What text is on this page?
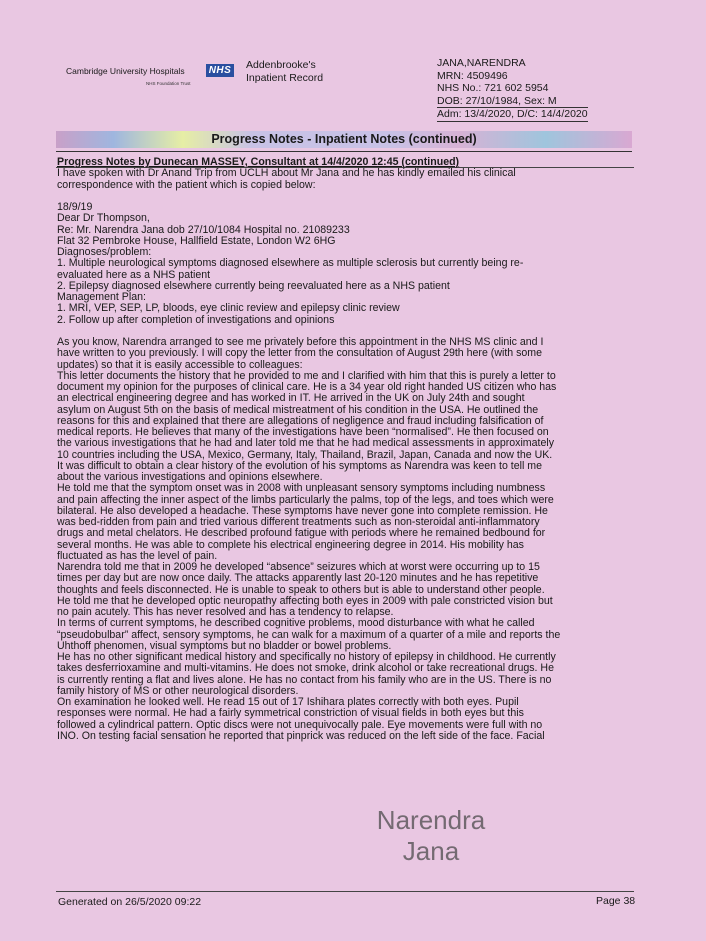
Cambridge University Hospitals NHS
NHS Foundation Trust
Addenbrooke's
Inpatient Record
JANA,NARENDRA
MRN: 4509496
NHS No.: 721 602 5954
DOB: 27/10/1984, Sex: M
Adm: 13/4/2020, D/C: 14/4/2020
Progress Notes - Inpatient Notes (continued)
Progress Notes by Dunecan MASSEY, Consultant at 14/4/2020 12:45 (continued)
I have spoken with Dr Anand Trip from UCLH about Mr Jana and he has kindly emailed his clinical
correspondence with the patient which is copied below:
18/9/19
Dear Dr Thompson,
Re: Mr. Narendra Jana dob 27/10/1084 Hospital no. 21089233
Flat 32 Pembroke House, Hallfield Estate, London W2 6HG
Diagnoses/problem:
1. Multiple neurological symptoms diagnosed elsewhere as multiple sclerosis but currently being re-
evaluated here as a NHS patient
2. Epilepsy diagnosed elsewhere currently being reevaluated here as a NHS patient
Management Plan:
1. MRI, VEP, SEP, LP, bloods, eye clinic review and epilepsy clinic review
2. Follow up after completion of investigations and opinions
As you know, Narendra arranged to see me privately before this appointment in the NHS MS clinic and I
have written to you previously. I will copy the letter from the consultation of August 29th here (with some
updates) so that it is easily accessible to colleagues:
This letter documents the history that he provided to me and I clarified with him that this is purely a letter to
document my opinion for the purposes of clinical care. He is a 34 year old right handed US citizen who has
an electrical engineering degree and has worked in IT. He arrived in the UK on July 24th and sought
asylum on August 5th on the basis of medical mistreatment of his condition in the USA. He outlined the
reasons for this and explained that there are allegations of negligence and fraud including falsification of
medical reports. He believes that many of the investigations have been “normalised”. He then focused on
the various investigations that he had and later told me that he had medical assessments in approximately
10 countries including the USA, Mexico, Germany, Italy, Thailand, Brazil, Japan, Canada and now the UK.
It was difficult to obtain a clear history of the evolution of his symptoms as Narendra was keen to tell me
about the various investigations and opinions elsewhere.
He told me that the symptom onset was in 2008 with unpleasant sensory symptoms including numbness
and pain affecting the inner aspect of the limbs particularly the palms, top of the legs, and toes which were
bilateral. He also developed a headache. These symptoms have never gone into complete remission. He
was bed-ridden from pain and tried various different treatments such as non-steroidal anti-inflammatory
drugs and metal chelators. He described profound fatigue with periods where he remained bedbound for
several months. He was able to complete his electrical engineering degree in 2014. His mobility has
fluctuated as has the level of pain.
Narendra told me that in 2009 he developed “absence” seizures which at worst were occurring up to 15
times per day but are now once daily. The attacks apparently last 20-120 minutes and he has repetitive
thoughts and feels disconnected. He is unable to speak to others but is able to understand other people.
He told me that he developed optic neuropathy affecting both eyes in 2009 with pale constricted vision but
no pain acutely. This has never resolved and has a tendency to relapse.
In terms of current symptoms, he described cognitive problems, mood disturbance with what he called
“pseudobulbar” affect, sensory symptoms, he can walk for a maximum of a quarter of a mile and reports the
Uhthoff phenomen, visual symptoms but no bladder or bowel problems.
He has no other significant medical history and specifically no history of epilepsy in childhood. He currently
takes desferrioxamine and multi-vitamins. He does not smoke, drink alcohol or take recreational drugs. He
is currently renting a flat and lives alone. He has no contact from his family who are in the US. There is no
family history of MS or other neurological disorders.
On examination he looked well. He read 15 out of 17 Ishihara plates correctly with both eyes. Pupil
responses were normal. He had a fairly symmetrical constriction of visual fields in both eyes but this
followed a cylindrical pattern. Optic discs were not unequivocally pale. Eye movements were full with no
INO. On testing facial sensation he reported that pinprick was reduced on the left side of the face. Facial
Narendra
Jana
Generated on 26/5/2020 09:22	Page 38
